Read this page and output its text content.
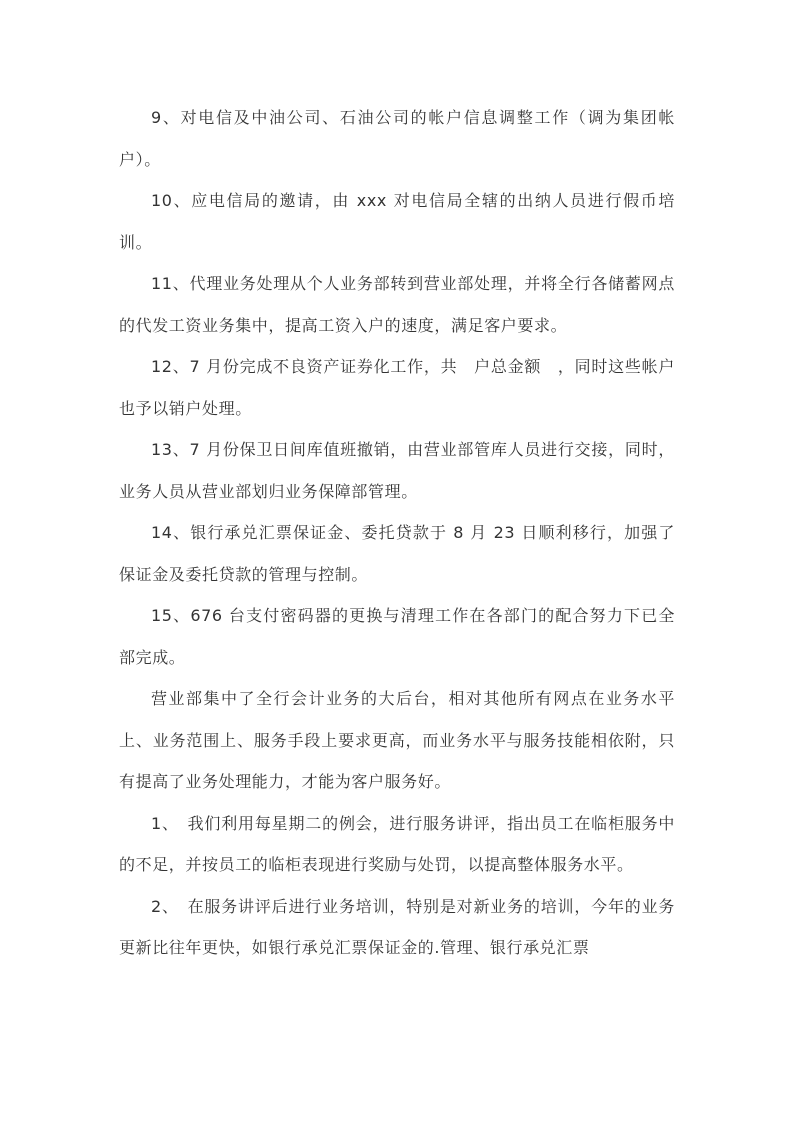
9、对电信及中油公司、石油公司的帐户信息调整工作（调为集团帐户）。

10、应电信局的邀请，由 xxx 对电信局全辖的出纳人员进行假币培训。

11、代理业务处理从个人业务部转到营业部处理，并将全行各储蓄网点的代发工资业务集中，提高工资入户的速度，满足客户要求。

12、7 月份完成不良资产证券化工作，共　户总金额　，同时这些帐户也予以销户处理。

13、7 月份保卫日间库值班撤销，由营业部管库人员进行交接，同时，业务人员从营业部划归业务保障部管理。

14、银行承兑汇票保证金、委托贷款于 8 月 23 日顺利移行，加强了保证金及委托贷款的管理与控制。

15、676 台支付密码器的更换与清理工作在各部门的配合努力下已全部完成。

营业部集中了全行会计业务的大后台，相对其他所有网点在业务水平上、业务范围上、服务手段上要求更高，而业务水平与服务技能相依附，只有提高了业务处理能力，才能为客户服务好。

1、　我们利用每星期二的例会，进行服务讲评，指出员工在临柜服务中的不足，并按员工的临柜表现进行奖励与处罚，以提高整体服务水平。

2、　在服务讲评后进行业务培训，特别是对新业务的培训，今年的业务更新比往年更快，如银行承兑汇票保证金的.管理、银行承兑汇票
